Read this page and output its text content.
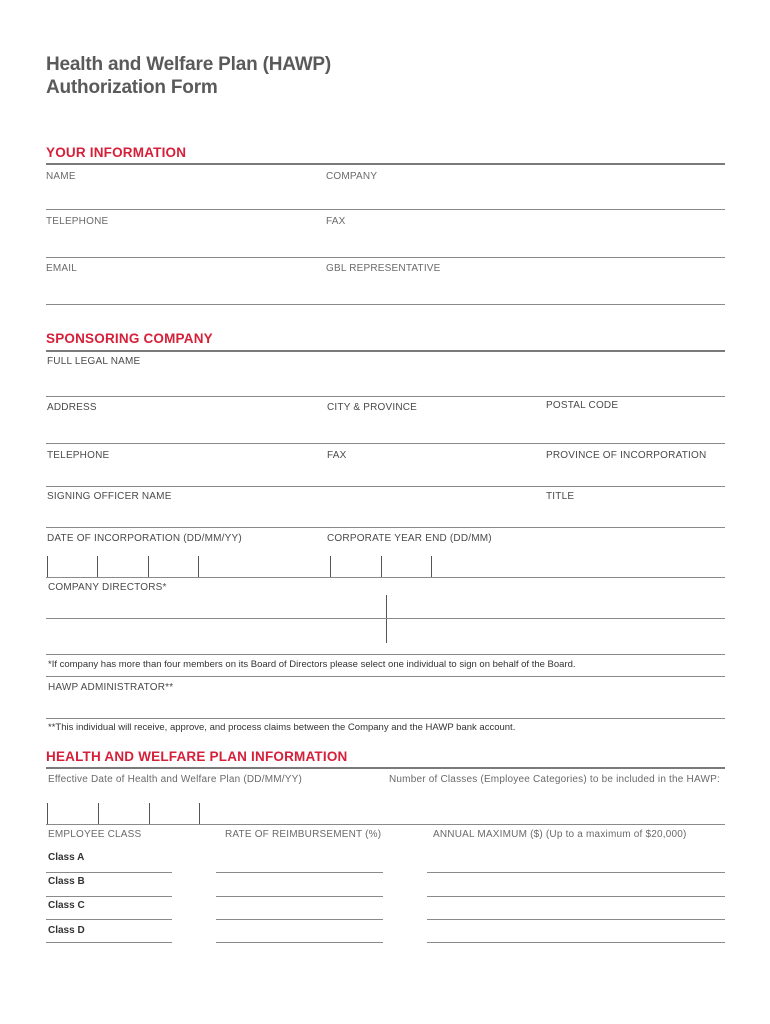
Health and Welfare Plan (HAWP)
Authorization Form
YOUR INFORMATION
NAME	COMPANY
TELEPHONE	FAX
EMAIL	GBL REPRESENTATIVE
SPONSORING COMPANY
FULL LEGAL NAME
ADDRESS	CITY & PROVINCE	POSTAL CODE
TELEPHONE	FAX	PROVINCE OF INCORPORATION
SIGNING OFFICER NAME	TITLE
DATE OF INCORPORATION (DD/MM/YY)	CORPORATE YEAR END (DD/MM)
COMPANY DIRECTORS*
*If company has more than four members on its Board of Directors please select one individual to sign on behalf of the Board.
HAWP ADMINISTRATOR**
**This individual will receive, approve, and process claims between the Company and the HAWP bank account.
HEALTH AND WELFARE PLAN INFORMATION
Effective Date of Health and Welfare Plan (DD/MM/YY)	Number of Classes (Employee Categories) to be included in the HAWP:
EMPLOYEE CLASS	RATE OF REIMBURSEMENT (%)	ANNUAL MAXIMUM ($) (Up to a maximum of $20,000)
Class A
Class B
Class C
Class D
